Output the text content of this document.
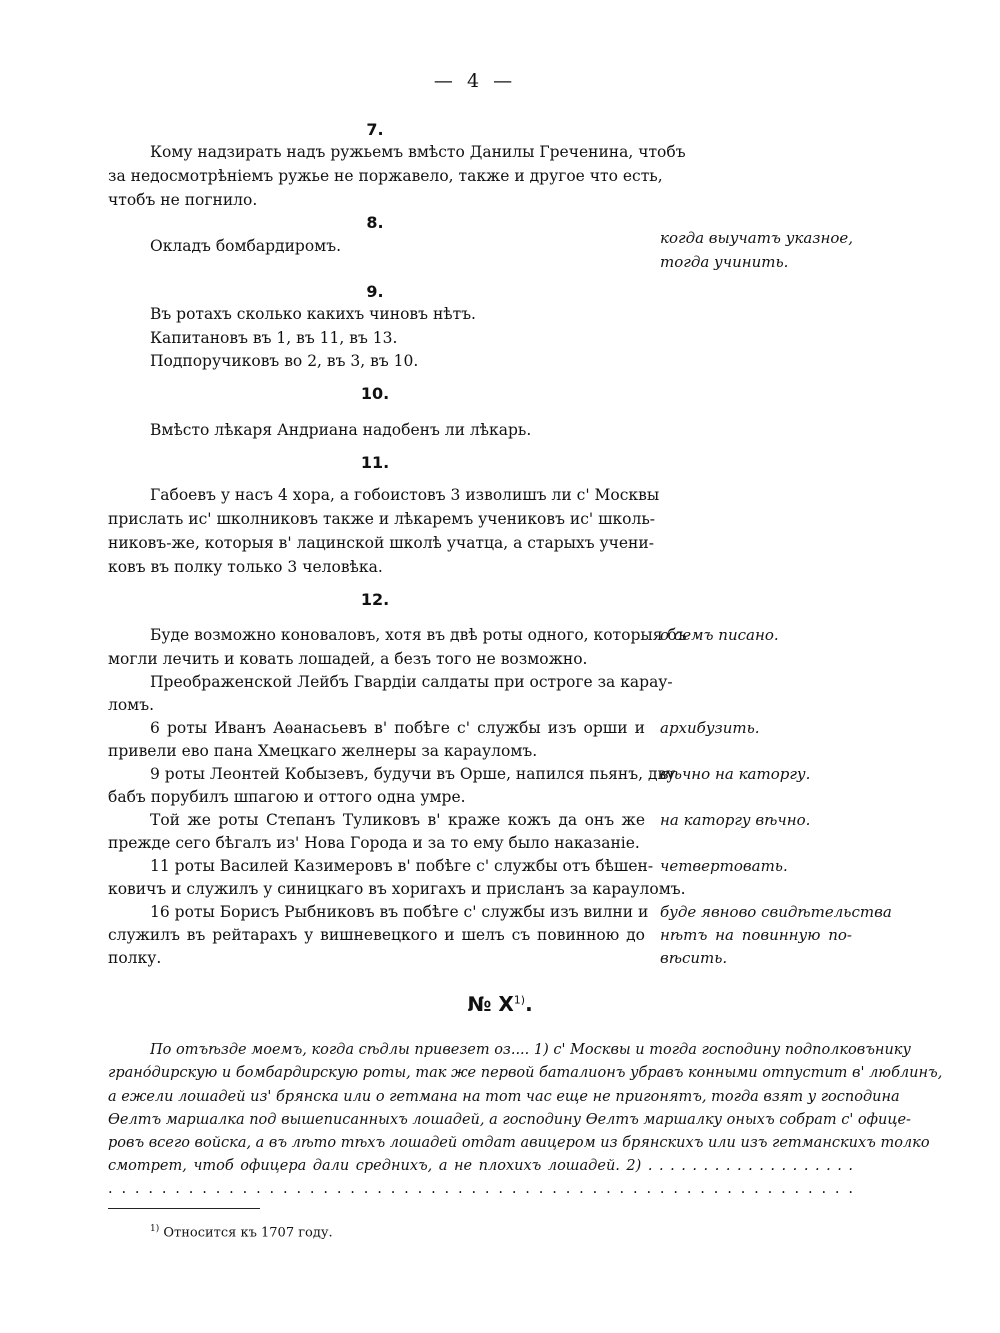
— 4 —
7.
Кому надзирать надъ ружьемъ вмѣсто Данилы Греченина, чтобъ
за недосмотрѣніемъ ружье не поржавело, также и другое что есть,
чтобъ не погнило.
8.
Окладъ бомбардиромъ.	когда выучатъ указное,
тогда учинить.
9.
Въ ротахъ сколько какихъ чиновъ нѣтъ.
Капитановъ въ 1, въ 11, въ 13.
Подпоручиковъ во 2, въ 3, въ 10.
10.
Вмѣсто лѣкаря Андриана надобенъ ли лѣкарь.
11.
Габоевъ у насъ 4 хора, а гобоистовъ 3 изволишъ ли с' Москвы
прислать ис' школниковъ также и лѣкаремъ учениковъ ис' школь-
никовъ-же, которыя в' лацинской школѣ учатца, а старыхъ учени-
ковъ въ полку только 3 человѣка.
12.
Буде возможно коноваловъ, хотя въ двѣ роты одного, которыя бъ
могли лечить и ковать лошадей, а безъ того не возможно.
Преображенской Лейбъ Гвардіи салдаты при остроге за карау-
ломъ.
6 роты Иванъ Аѳанасьевъ в' побѣге с' службы изъ орши и
привели ево пана Хмецкаго желнеры за карауломъ.
9 роты Леонтей Кобызевъ, будучи въ Орше, напился пьянъ, дву
бабъ порубилъ шпагою и оттого одна умре.
Той же роты Степанъ Туликовъ в' краже кожъ да онъ же
прежде сего бѣгалъ из' Нова Города и за то ему было наказаніе.
11 роты Василей Казимеровъ в' побѣге с' службы отъ бѣшен-
ковичъ и служилъ у синицкаго въ хоригахъ и присланъ за карауломъ.
16 роты Борисъ Рыбниковъ въ побѣге с' службы изъ вилни и
служилъ въ рейтарахъ у вишневецкого и шелъ съ повинною до
полку.
о семъ писано.
архибузить.
вѣчно на каторгу.
на каторгу вѣчно.
четвертовать.
буде явново свидѣтельства
нѣтъ на повинную по-
вѣсить.
№ $X^{1)}$.
По отъѣзде моемъ, когда сѣдлы привезет оз.... 1) с' Москвы и тогда господину подполковънику
грано́дирскую и бомбардирскую роты, так же первой баталионъ убравъ конными отпустит в' люблинъ,
а ежели лошадей из' брянска или о гетмана на тот час еще не пригонятъ, тогда взят у господина
Ѳелтъ маршалка под вышеписанныхъ лошадей, а господину Ѳелтъ маршалку оныхъ собрат с' офице-
ровъ всего войска, а въ лѣто тѣхъ лошадей отдат авицером из брянскихъ или изъ гетманскихъ толко
смотрет, чтоб офицера дали среднихъ, а не плохихъ лошадей. 2) . . . . . . . . . . . . . . . . . . .
. . . . . . . . . . . . . . . . . . . . . . . . . . . . . . . . . . . . . . . . . . . . . . . . . . . . . . . .
$^{1)}$ Относится къ 1707 году.
